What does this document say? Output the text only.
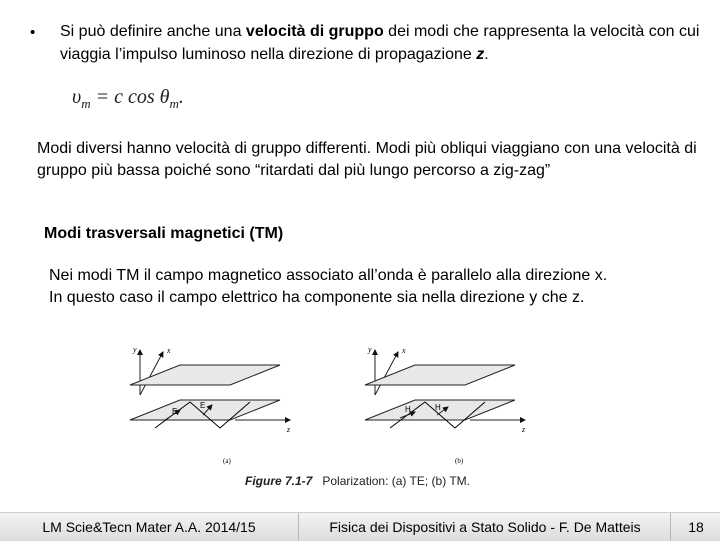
• Si può definire anche una velocità di gruppo dei modi che rappresenta la velocità con cui viaggia l’impulso luminoso nella direzione di propagazione z.
$\upsilon_m = c$ $\cos \theta_m$.
Modi diversi hanno velocità di gruppo differenti. Modi più obliqui viaggiano con una velocità di gruppo più bassa poiché sono “ritardati dal più lungo percorso a zig-zag”
Modi trasversali magnetici (TM)
Nei modi TM il campo magnetico associato all’onda è parallelo alla direzione x.
In questo caso il campo elettrico ha componente sia nella direzione y che z.
y	x
z
E
E
(a)
y	x
z
H	H
(b)
Figure 7.1-7 Polarization: (a) TE; (b) TM.
LM Scie&Tecn Mater A.A. 2014/15	Fisica dei Dispositivi a Stato Solido - F. De Matteis	18
